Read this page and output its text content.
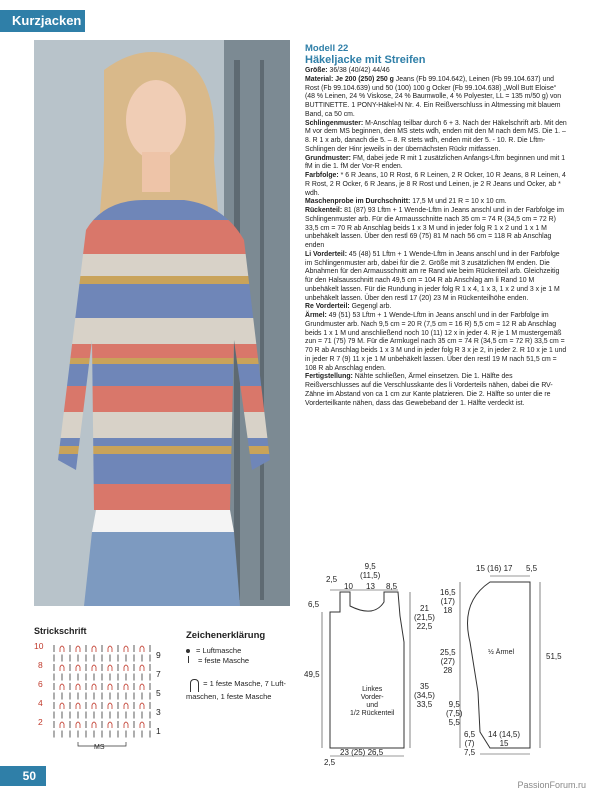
Kurzjacken

Modell 22

Häkeljacke mit Streifen

Größe: 36/38 (40/42) 44/46

Material: Je 200 (250) 250 g Jeans (Fb 99.104.642), Leinen (Fb 99.104.637) und Rost (Fb 99.104.639) und 50 (100) 100 g Ocker (Fb 99.104.638) „Woll Butt Eloise“ (48 % Leinen, 24 % Viskose, 24 % Baumwolle, 4 % Polyester, LL = 135 m/50 g) von BUTTINETTE. 1 PONY-Häkel-N Nr. 4. Ein Reißverschluss in Altmessing mit blauem Band, ca 50 cm.

Schlingenmuster: M-Anschlag teilbar durch 6 + 3. Nach der Häkelschrift arb. Mit den M vor dem MS beginnen, den MS stets wdh, enden mit den M nach dem MS. Die 1. – 8. R 1 x arb, danach die 5. – 8. R stets wdh, enden mit der 5. - 10. R. Die Lftm-Schlingen der Hinr jeweils in der übernächsten Rückr mitfassen.

Grundmuster: FM, dabei jede R mit 1 zusätzlichen Anfangs-Lftm beginnen und mit 1 fM in die 1. fM der Vor-R enden.

Farbfolge: * 6 R Jeans, 10 R Rost, 6 R Leinen, 2 R Ocker, 10 R Jeans, 8 R Leinen, 4 R Rost, 2 R Ocker, 6 R Jeans, je 8 R Rost und Leinen, je 2 R Jeans und Ocker, ab * wdh.

Maschenprobe im Durchschnitt: 17,5 M und 21 R = 10 x 10 cm.

Rückenteil: 81 (87) 93 Lftm + 1 Wende-Lftm in Jeans anschl und in der Farbfolge im Schlingenmuster arb. Für die Armausschnitte nach 35 cm = 74 R (34,5 cm = 72 R) 33,5 cm = 70 R ab Anschlag beids 1 x 3 M und in jeder folg R 1 x 2 und 1 x 1 M unbehäkelt lassen. Über den restl 69 (75) 81 M nach 56 cm = 118 R ab Anschlag enden

Li Vorderteil: 45 (48) 51 Lftm + 1 Wende-Lftm in Jeans anschl und in der Farbfolge im Schlingenmuster arb, dabei für die 2. Größe mit 3 zusätzlichen fM enden. Die Abnahmen für den Armausschnitt am re Rand wie beim Rückenteil arb. Gleichzeitig für den Halsausschnitt nach 49,5 cm = 104 R ab Anschlag am li Rand 10 M unbehäkelt lassen. Für die Rundung in jeder folg R 1 x 4, 1 x 3, 1 x 2 und 3 x je 1 M unbehäkelt lassen. Über den restl 17 (20) 23 M in Rückenteilhöhe enden.

Re Vorderteil: Gegengl arb.

Ärmel: 49 (51) 53 Lftm + 1 Wende-Lftm in Jeans anschl und in der Farbfolge im Grundmuster arb. Nach 9,5 cm = 20 R (7,5 cm = 16 R) 5,5 cm = 12 R ab Anschlag beids 1 x 1 M und anschließend noch 10 (11) 12 x in jeder 4. R je 1 M mustergemäß zun = 71 (75) 79 M. Für die Armkugel nach 35 cm = 74 R (34,5 cm = 72 R) 33,5 cm = 70 R ab Anschlag beids 1 x 3 M und in jeder folg R 3 x je 2, in jeder 2. R 10 x je 1 und in jeder R 7 (9) 11 x je 1 M unbehäkelt lassen. Über den restl 19 M nach 51,5 cm = 108 R ab Anschlag enden.

Fertigstellung: Nähte schließen, Ärmel einsetzen. Die 1. Hälfte des Reißverschlusses auf die Verschlusskante des li Vorderteils nähen, dabei die RV-Zähne im Abstand von ca 1 cm zur Kante platzieren. Die 2. Hälfte so unter die re Vorderteilkante nähen, dass das Gewebeband der 1. Hälfte verdeckt ist.

9,5
(11,5)
2,5
10 13 8,5
6,5	21
(21,5)
22,5
49,5
35
(34,5)
33,5
Linkes
Vorder-
und
1/2 Rückenteil
23 (25) 26,5
2,5
15 (16) 17 5,5
16,5
(17)
18
25,5
(27)
28
51,5
½ Ärmel
9,5
(7,5)
5,5
6,5
(7)
7,5
14 (14,5)
15
Strickschrift
10
8
6
4
2
9
7
5
3
1
MS
Zeichenerklärung
= Luftmasche
= feste Masche

= 1 feste Masche, 7 Luft-
maschen, 1 feste Masche

50
PassionForum.ru
